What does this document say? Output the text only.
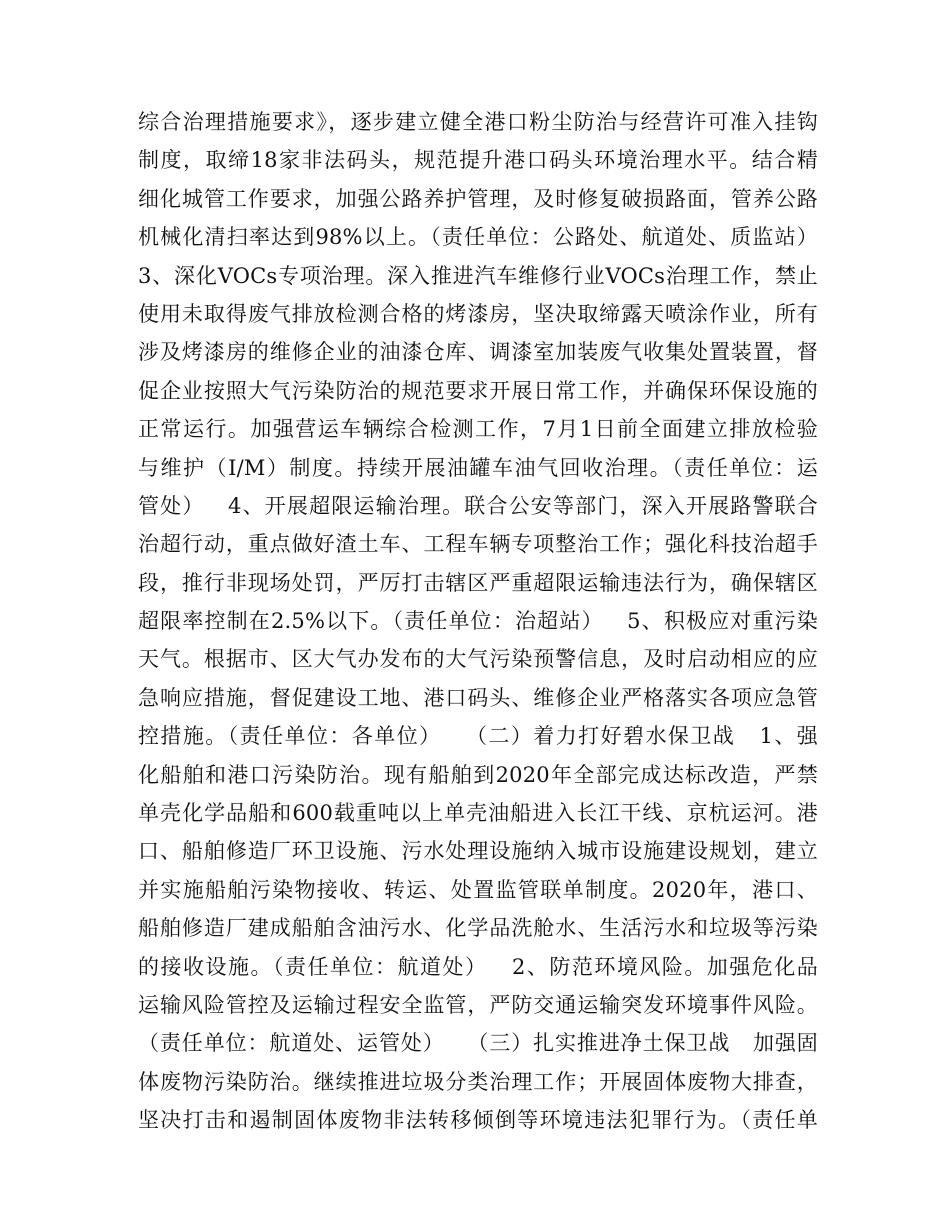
综合治理措施要求》，逐步建立健全港口粉尘防治与经营许可准入挂钩
制度，取缔18家非法码头，规范提升港口码头环境治理水平。结合精
细化城管工作要求，加强公路养护管理，及时修复破损路面，管养公路
机械化清扫率达到98%以上。（责任单位：公路处、航道处、质监站）
3、深化VOCs专项治理。深入推进汽车维修行业VOCs治理工作，禁止
使用未取得废气排放检测合格的烤漆房，坚决取缔露天喷涂作业，所有
涉及烤漆房的维修企业的油漆仓库、调漆室加装废气收集处置装置，督
促企业按照大气污染防治的规范要求开展日常工作，并确保环保设施的
正常运行。加强营运车辆综合检测工作，7月1日前全面建立排放检验
与维护（I/M）制度。持续开展油罐车油气回收治理。（责任单位：运
管处）   4、开展超限运输治理。联合公安等部门，深入开展路警联合
治超行动，重点做好渣土车、工程车辆专项整治工作；强化科技治超手
段，推行非现场处罚，严厉打击辖区严重超限运输违法行为，确保辖区
超限率控制在2.5%以下。（责任单位：治超站）   5、积极应对重污染
天气。根据市、区大气办发布的大气污染预警信息，及时启动相应的应
急响应措施，督促建设工地、港口码头、维修企业严格落实各项应急管
控措施。（责任单位：各单位）   （二）着力打好碧水保卫战   1、强
化船舶和港口污染防治。现有船舶到2020年全部完成达标改造，严禁
单壳化学品船和600载重吨以上单壳油船进入长江干线、京杭运河。港
口、船舶修造厂环卫设施、污水处理设施纳入城市设施建设规划，建立
并实施船舶污染物接收、转运、处置监管联单制度。2020年，港口、
船舶修造厂建成船舶含油污水、化学品洗舱水、生活污水和垃圾等污染
的接收设施。（责任单位：航道处）   2、防范环境风险。加强危化品
运输风险管控及运输过程安全监管，严防交通运输突发环境事件风险。
（责任单位：航道处、运管处）   （三）扎实推进净土保卫战   加强固
体废物污染防治。继续推进垃圾分类治理工作；开展固体废物大排查，
坚决打击和遏制固体废物非法转移倾倒等环境违法犯罪行为。（责任单
